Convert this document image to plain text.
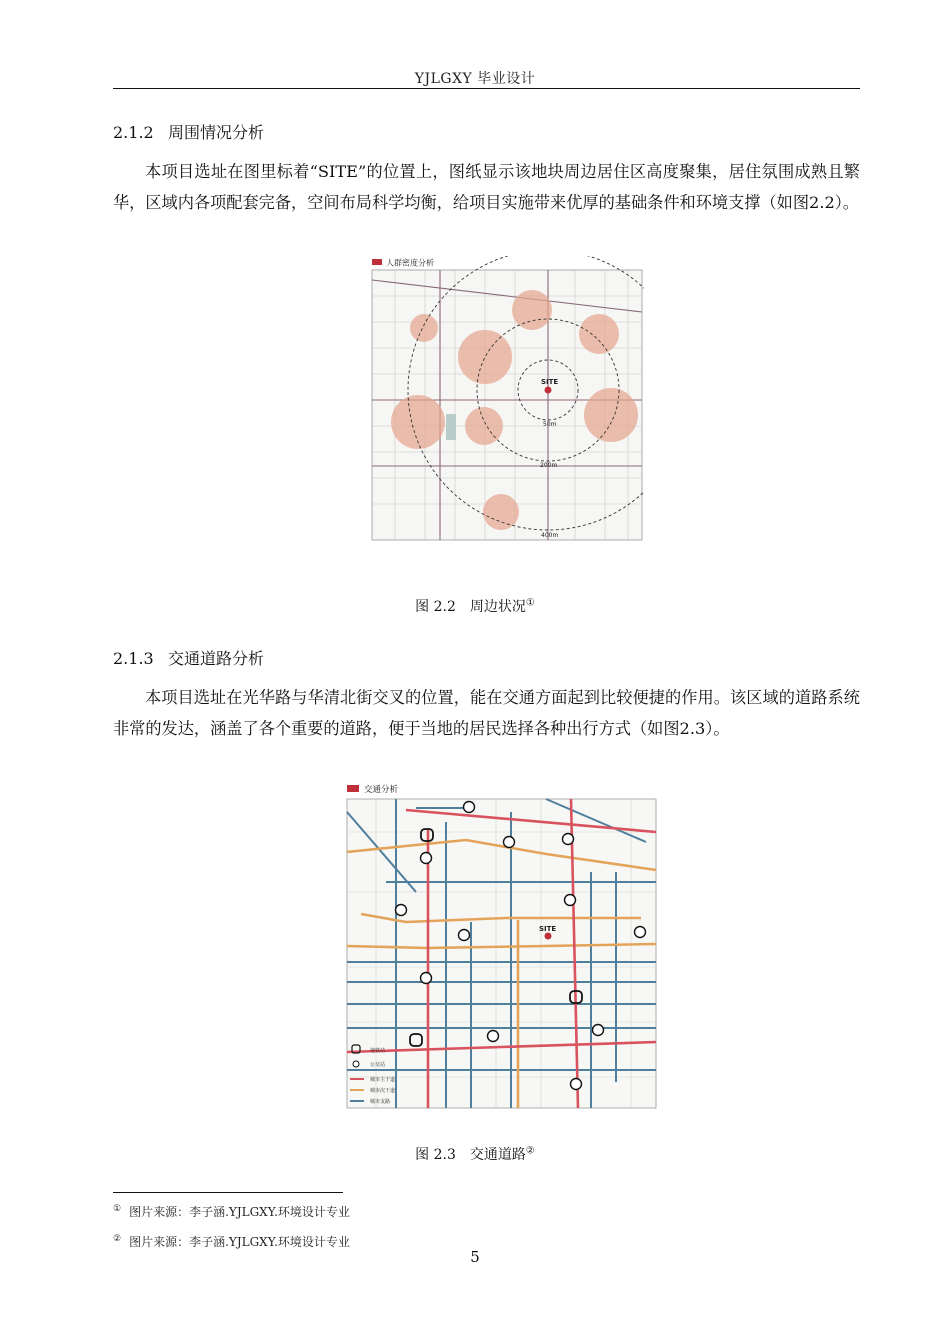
YJLGXY 毕业设计
2.1.2 周围情况分析

本项目选址在图里标着“SITE”的位置上，图纸显示该地块周边居住区高度聚集，居住氛围成熟且繁华，区域内各项配套完备，空间布局科学均衡，给项目实施带来优厚的基础条件和环境支撑（如图2.2）。

人群密度分析
SITE
50m
200m
400m
图 2.2 周边状况①
2.1.3 交通道路分析

本项目选址在光华路与华清北街交叉的位置，能在交通方面起到比较便捷的作用。该区域的道路系统非常的发达，涵盖了各个重要的道路，便于当地的居民选择各种出行方式（如图2.3）。

交通分析
SITE
地铁站
公交站
城市主干道
城市次干道
城市支路
图 2.3 交通道路②
① 图片来源：李子涵.YJLGXY.环境设计专业
② 图片来源：李子涵.YJLGXY.环境设计专业
5
